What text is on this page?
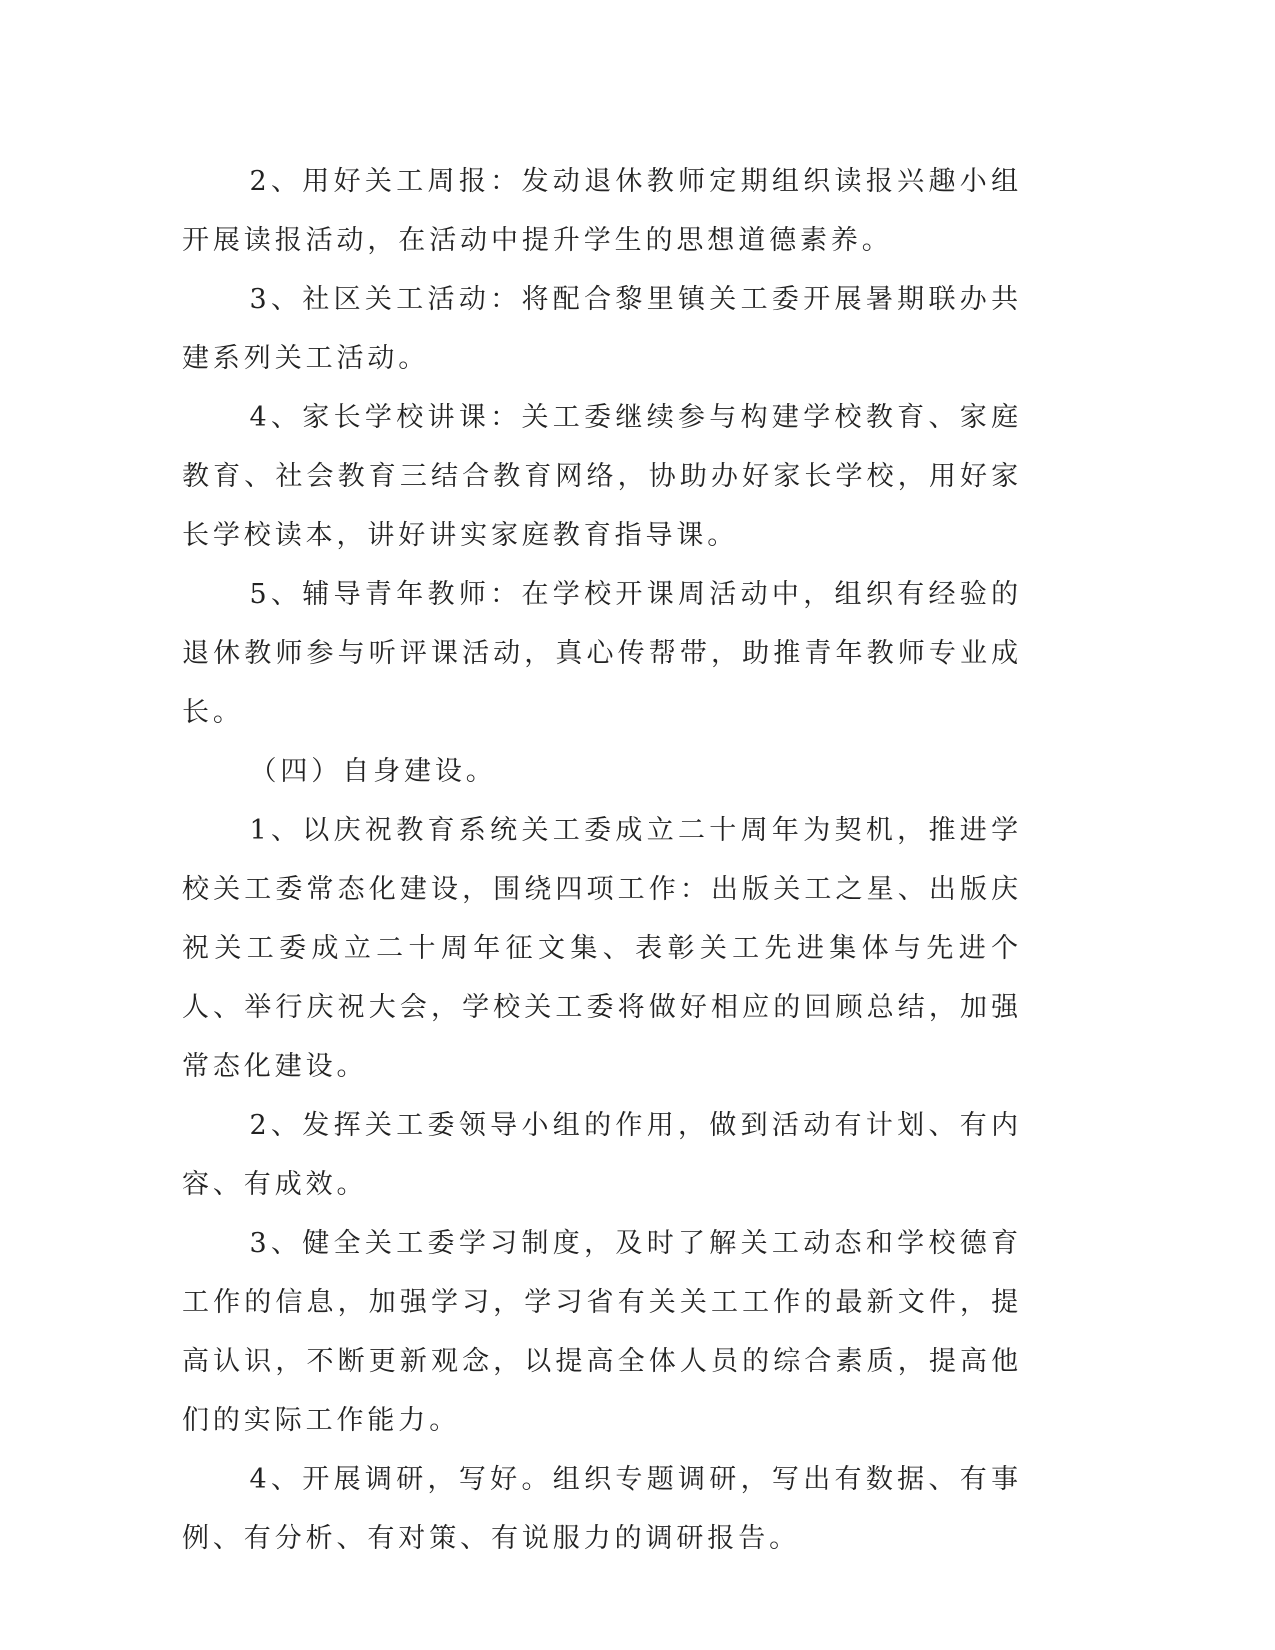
2、用好关工周报：发动退休教师定期组织读报兴趣小组开展读报活动，在活动中提升学生的思想道德素养。

3、社区关工活动：将配合黎里镇关工委开展暑期联办共建系列关工活动。

4、家长学校讲课：关工委继续参与构建学校教育、家庭教育、社会教育三结合教育网络，协助办好家长学校，用好家长学校读本，讲好讲实家庭教育指导课。

5、辅导青年教师：在学校开课周活动中，组织有经验的退休教师参与听评课活动，真心传帮带，助推青年教师专业成长。

（四）自身建设。

1、以庆祝教育系统关工委成立二十周年为契机，推进学校关工委常态化建设，围绕四项工作：出版关工之星、出版庆祝关工委成立二十周年征文集、表彰关工先进集体与先进个人、举行庆祝大会，学校关工委将做好相应的回顾总结，加强常态化建设。

2、发挥关工委领导小组的作用，做到活动有计划、有内容、有成效。

3、健全关工委学习制度，及时了解关工动态和学校德育工作的信息，加强学习，学习省有关关工工作的最新文件，提高认识，不断更新观念，以提高全体人员的综合素质，提高他们的实际工作能力。

4、开展调研，写好。组织专题调研，写出有数据、有事例、有分析、有对策、有说服力的调研报告。
